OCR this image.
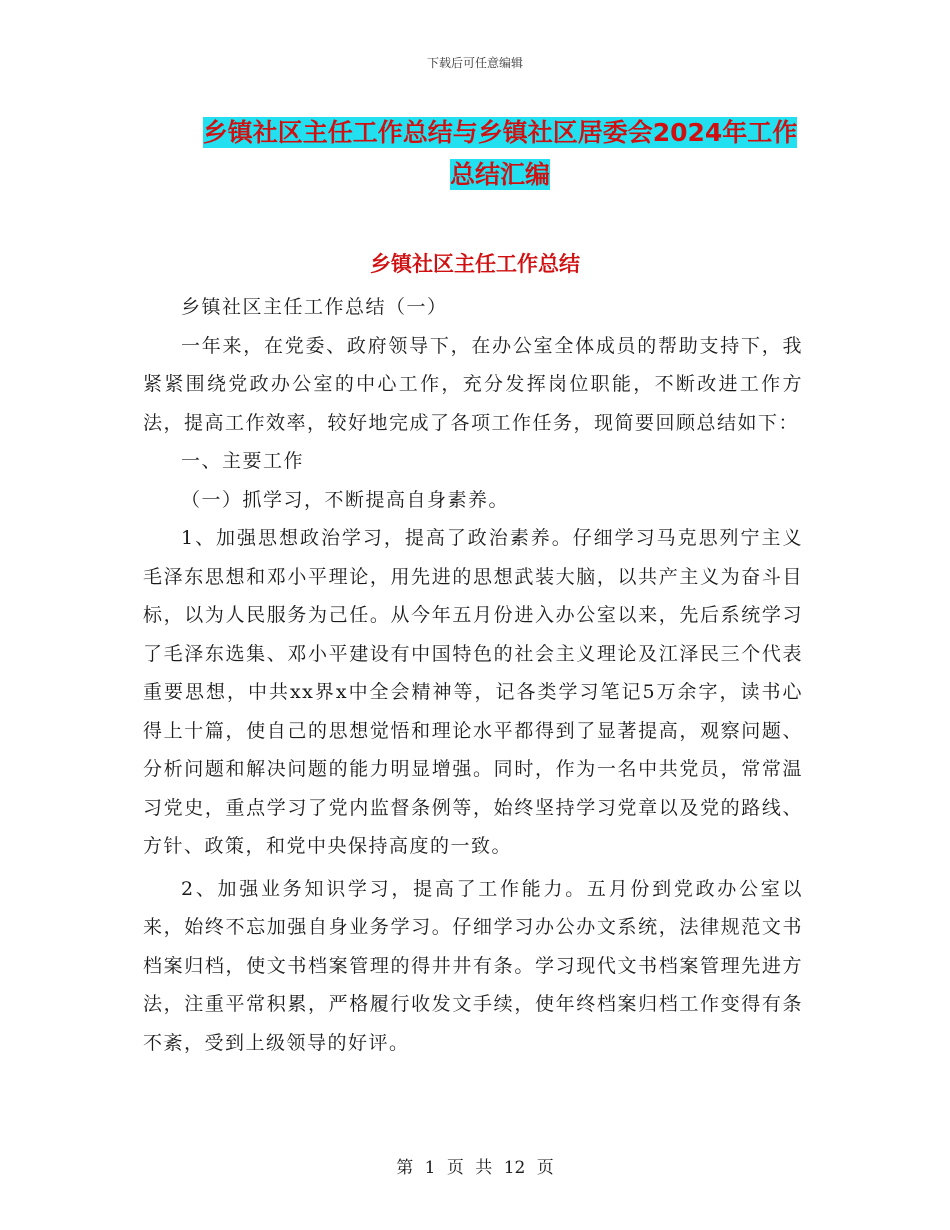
下载后可任意编辑
乡镇社区主任工作总结与乡镇社区居委会2024年工作
总结汇编
乡镇社区主任工作总结

乡镇社区主任工作总结（一）

一年来，在党委、政府领导下，在办公室全体成员的帮助支持下，我紧紧围绕党政办公室的中心工作，充分发挥岗位职能，不断改进工作方法，提高工作效率，较好地完成了各项工作任务，现简要回顾总结如下：

一、主要工作

（一）抓学习，不断提高自身素养。

1、加强思想政治学习，提高了政治素养。仔细学习马克思列宁主义毛泽东思想和邓小平理论，用先进的思想武装大脑，以共产主义为奋斗目标，以为人民服务为己任。从今年五月份进入办公室以来，先后系统学习了毛泽东选集、邓小平建设有中国特色的社会主义理论及江泽民三个代表重要思想，中共xx界x中全会精神等，记各类学习笔记5万余字，读书心得上十篇，使自己的思想觉悟和理论水平都得到了显著提高，观察问题、分析问题和解决问题的能力明显增强。同时，作为一名中共党员，常常温习党史，重点学习了党内监督条例等，始终坚持学习党章以及党的路线、方针、政策，和党中央保持高度的一致。

2、加强业务知识学习，提高了工作能力。五月份到党政办公室以来，始终不忘加强自身业务学习。仔细学习办公办文系统，法律规范文书档案归档，使文书档案管理的得井井有条。学习现代文书档案管理先进方法，注重平常积累，严格履行收发文手续，使年终档案归档工作变得有条不紊，受到上级领导的好评。

第 1 页 共 12 页
